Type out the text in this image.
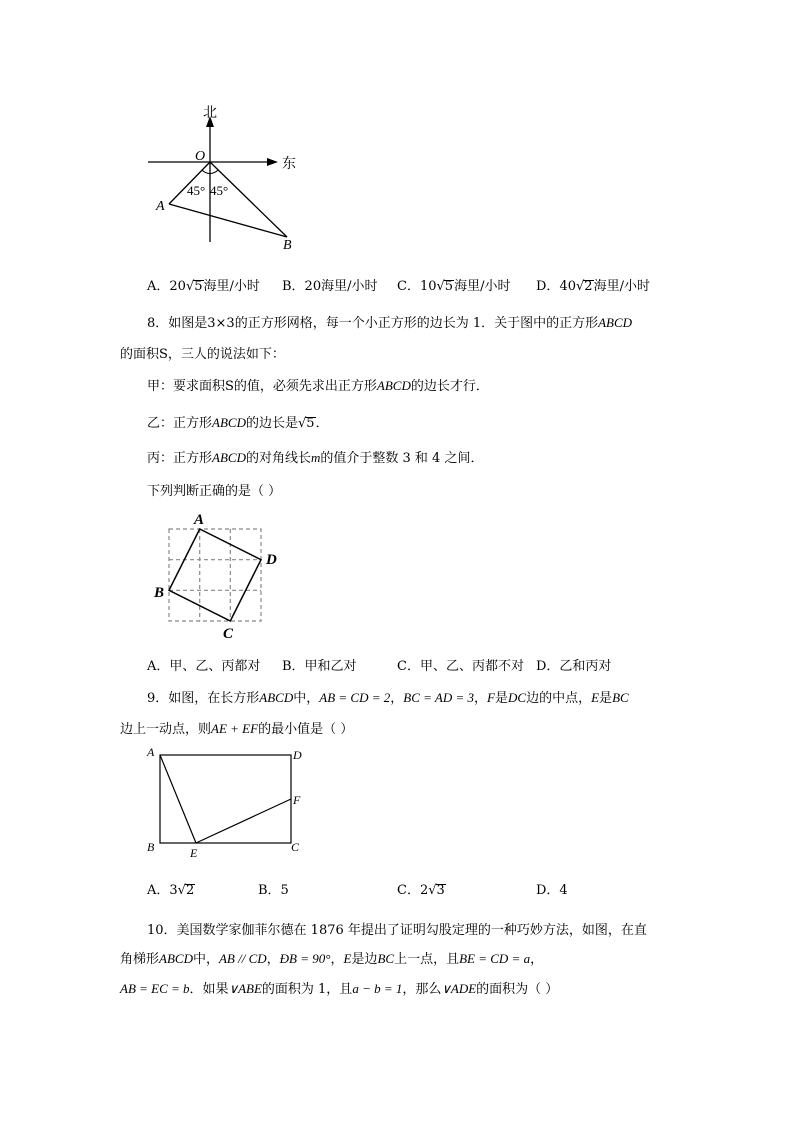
北
东
O
45° 45°
A
B
A．20√5海里/小时 B．20海里/小时 C．10√5海里/小时 D．40√2海里/小时
8．如图是3×3的正方形网格，每一个小正方形的边长为 1．关于图中的正方形ABCD
的面积S，三人的说法如下：
甲：要求面积S的值，必须先求出正方形ABCD的边长才行．
乙：正方形ABCD的边长是√5．
丙：正方形ABCD的对角线长m的值介于整数 3 和 4 之间．
下列判断正确的是（ ）
A
D
B
C
A．甲、乙、丙都对 B．甲和乙对	C．甲、乙、丙都不对 D．乙和丙对
9．如图，在长方形ABCD中，AB = CD = 2，BC = AD = 3，F是DC边的中点，E是BC
边上一动点，则AE + EF的最小值是（ ）
A	D
F
B	E	C
A．3√2	B．5	C．2√3	D．4
10．美国数学家伽菲尔德在 1876 年提出了证明勾股定理的一种巧妙方法，如图，在直
角梯形ABCD中，AB // CD，ÐB = 90°，E是边BC上一点，且BE = CD = a，
AB = EC = b．如果∨ABE的面积为 1，且a − b = 1，那么∨ADE的面积为（ ）
